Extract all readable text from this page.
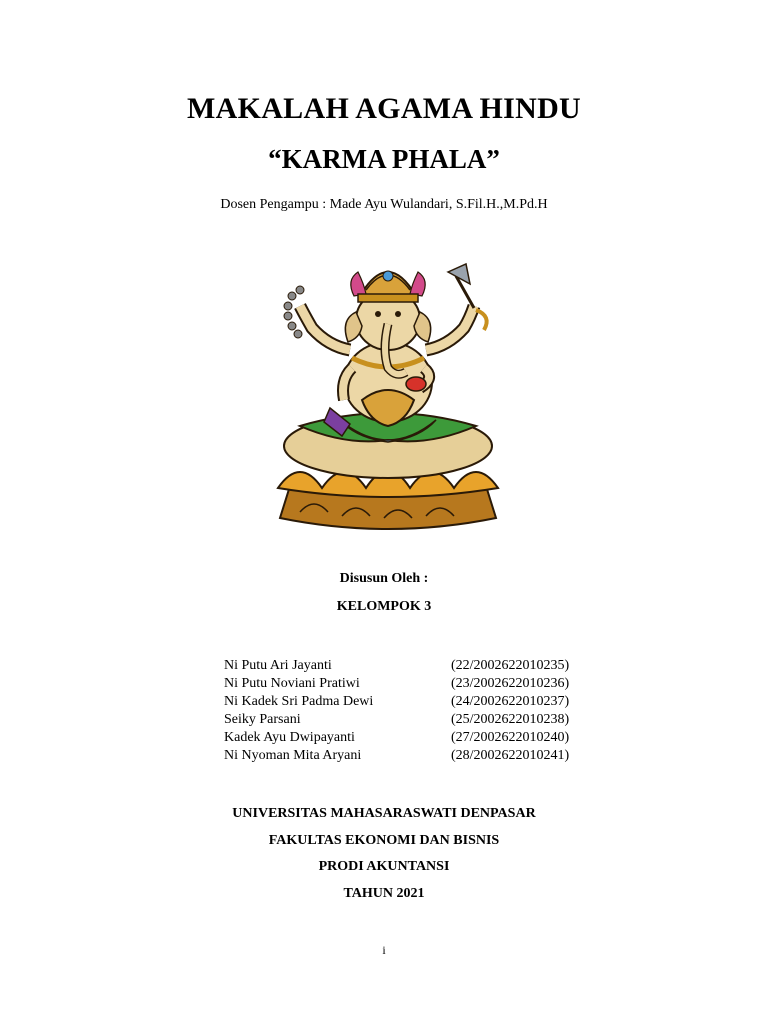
MAKALAH AGAMA HINDU
“KARMA PHALA”
Dosen Pengampu : Made Ayu Wulandari, S.Fil.H.,M.Pd.H
Disusun Oleh :
KELOMPOK 3
Ni Putu Ari Jayanti	(22/2002622010235)
Ni Putu Noviani Pratiwi	(23/2002622010236)
Ni Kadek Sri Padma Dewi	(24/2002622010237)
Seiky Parsani	(25/2002622010238)
Kadek Ayu Dwipayanti	(27/2002622010240)
Ni Nyoman Mita Aryani	(28/2002622010241)
UNIVERSITAS MAHASARASWATI DENPASAR
FAKULTAS EKONOMI DAN BISNIS
PRODI AKUNTANSI
TAHUN 2021
i
